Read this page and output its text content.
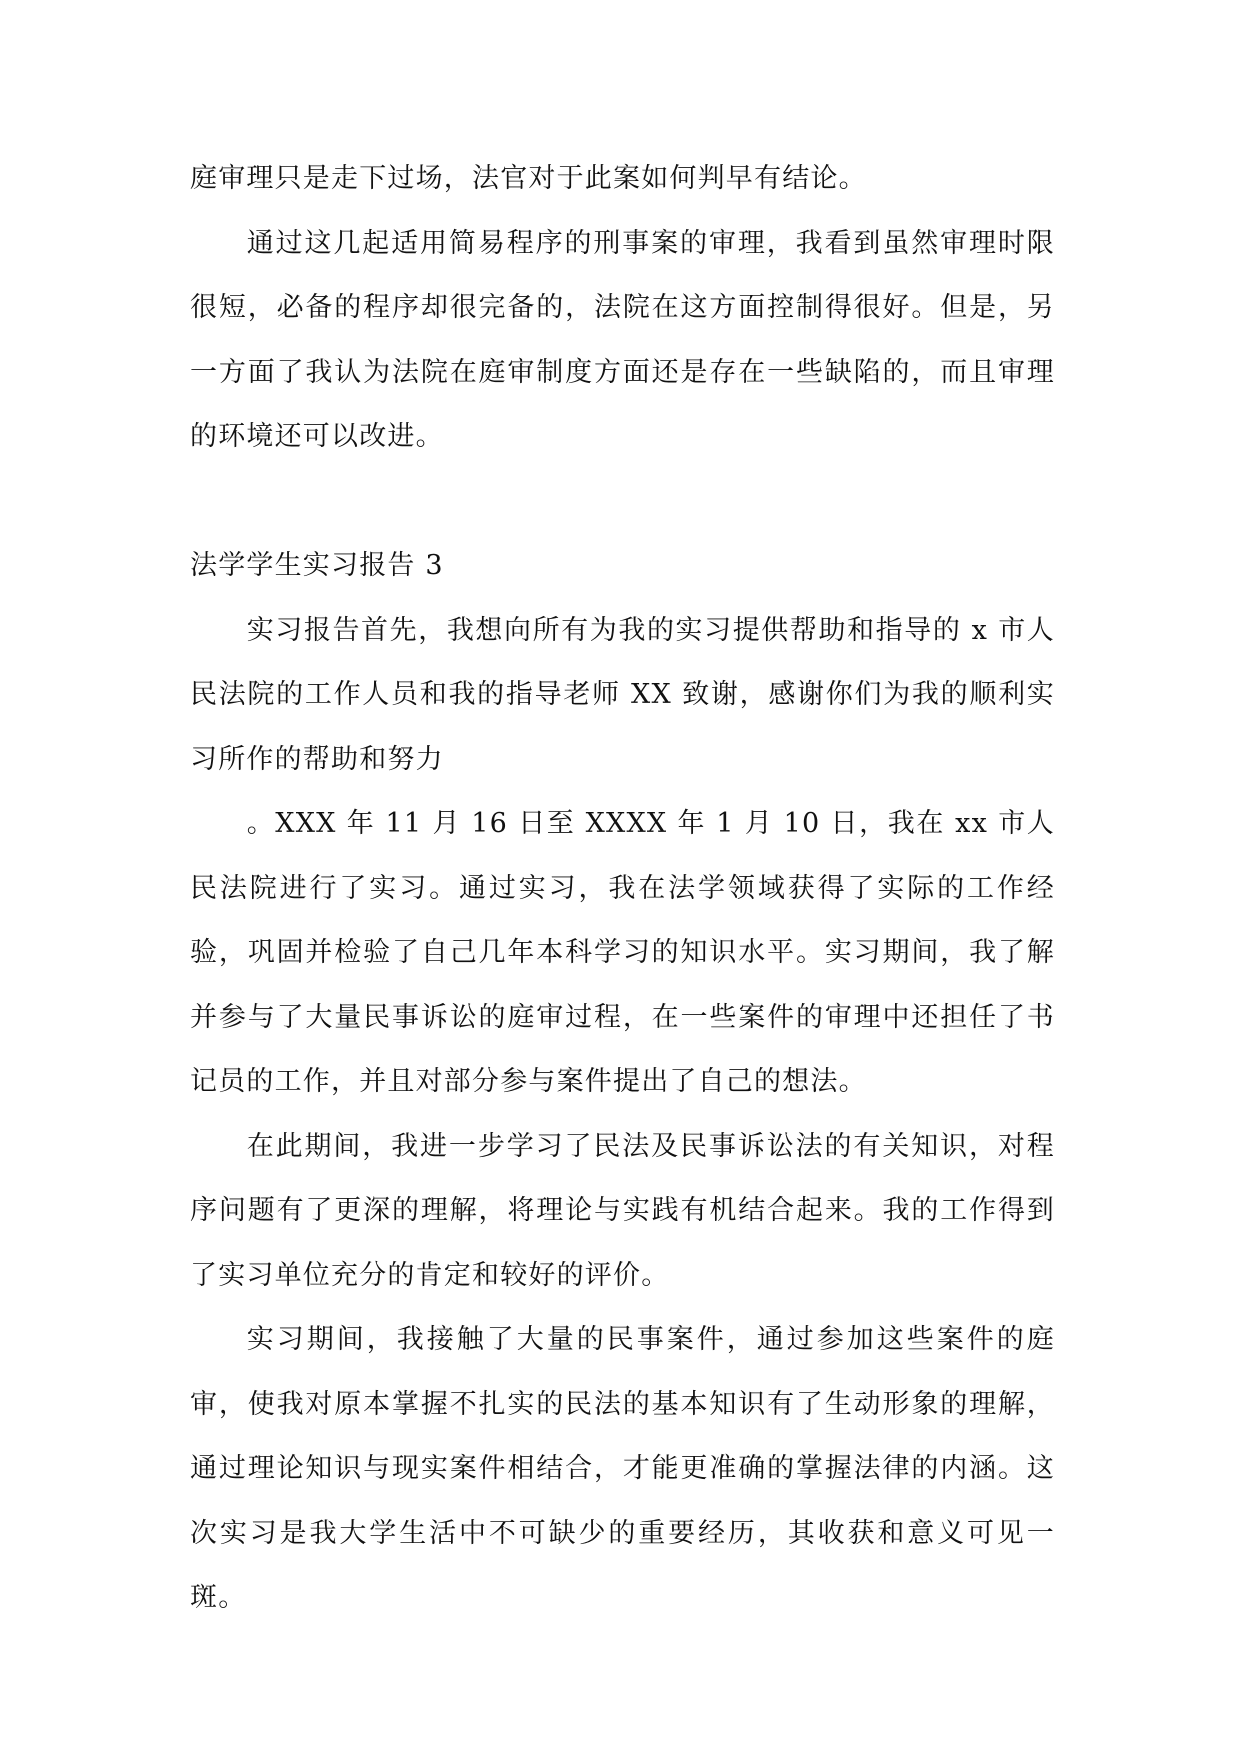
庭审理只是走下过场，法官对于此案如何判早有结论。

通过这几起适用简易程序的刑事案的审理，我看到虽然审理时限很短，必备的程序却很完备的，法院在这方面控制得很好。但是，另一方面了我认为法院在庭审制度方面还是存在一些缺陷的，而且审理的环境还可以改进。

法学学生实习报告 3

实习报告首先，我想向所有为我的实习提供帮助和指导的 x 市人民法院的工作人员和我的指导老师 XX 致谢，感谢你们为我的顺利实习所作的帮助和努力

。XXX 年 11 月 16 日至 XXXX 年 1 月 10 日，我在 xx 市人民法院进行了实习。通过实习，我在法学领域获得了实际的工作经验，巩固并检验了自己几年本科学习的知识水平。实习期间，我了解并参与了大量民事诉讼的庭审过程，在一些案件的审理中还担任了书记员的工作，并且对部分参与案件提出了自己的想法。

在此期间，我进一步学习了民法及民事诉讼法的有关知识，对程序问题有了更深的理解，将理论与实践有机结合起来。我的工作得到了实习单位充分的肯定和较好的评价。

实习期间，我接触了大量的民事案件，通过参加这些案件的庭审，使我对原本掌握不扎实的民法的基本知识有了生动形象的理解，通过理论知识与现实案件相结合，才能更准确的掌握法律的内涵。这次实习是我大学生活中不可缺少的重要经历，其收获和意义可见一斑。
